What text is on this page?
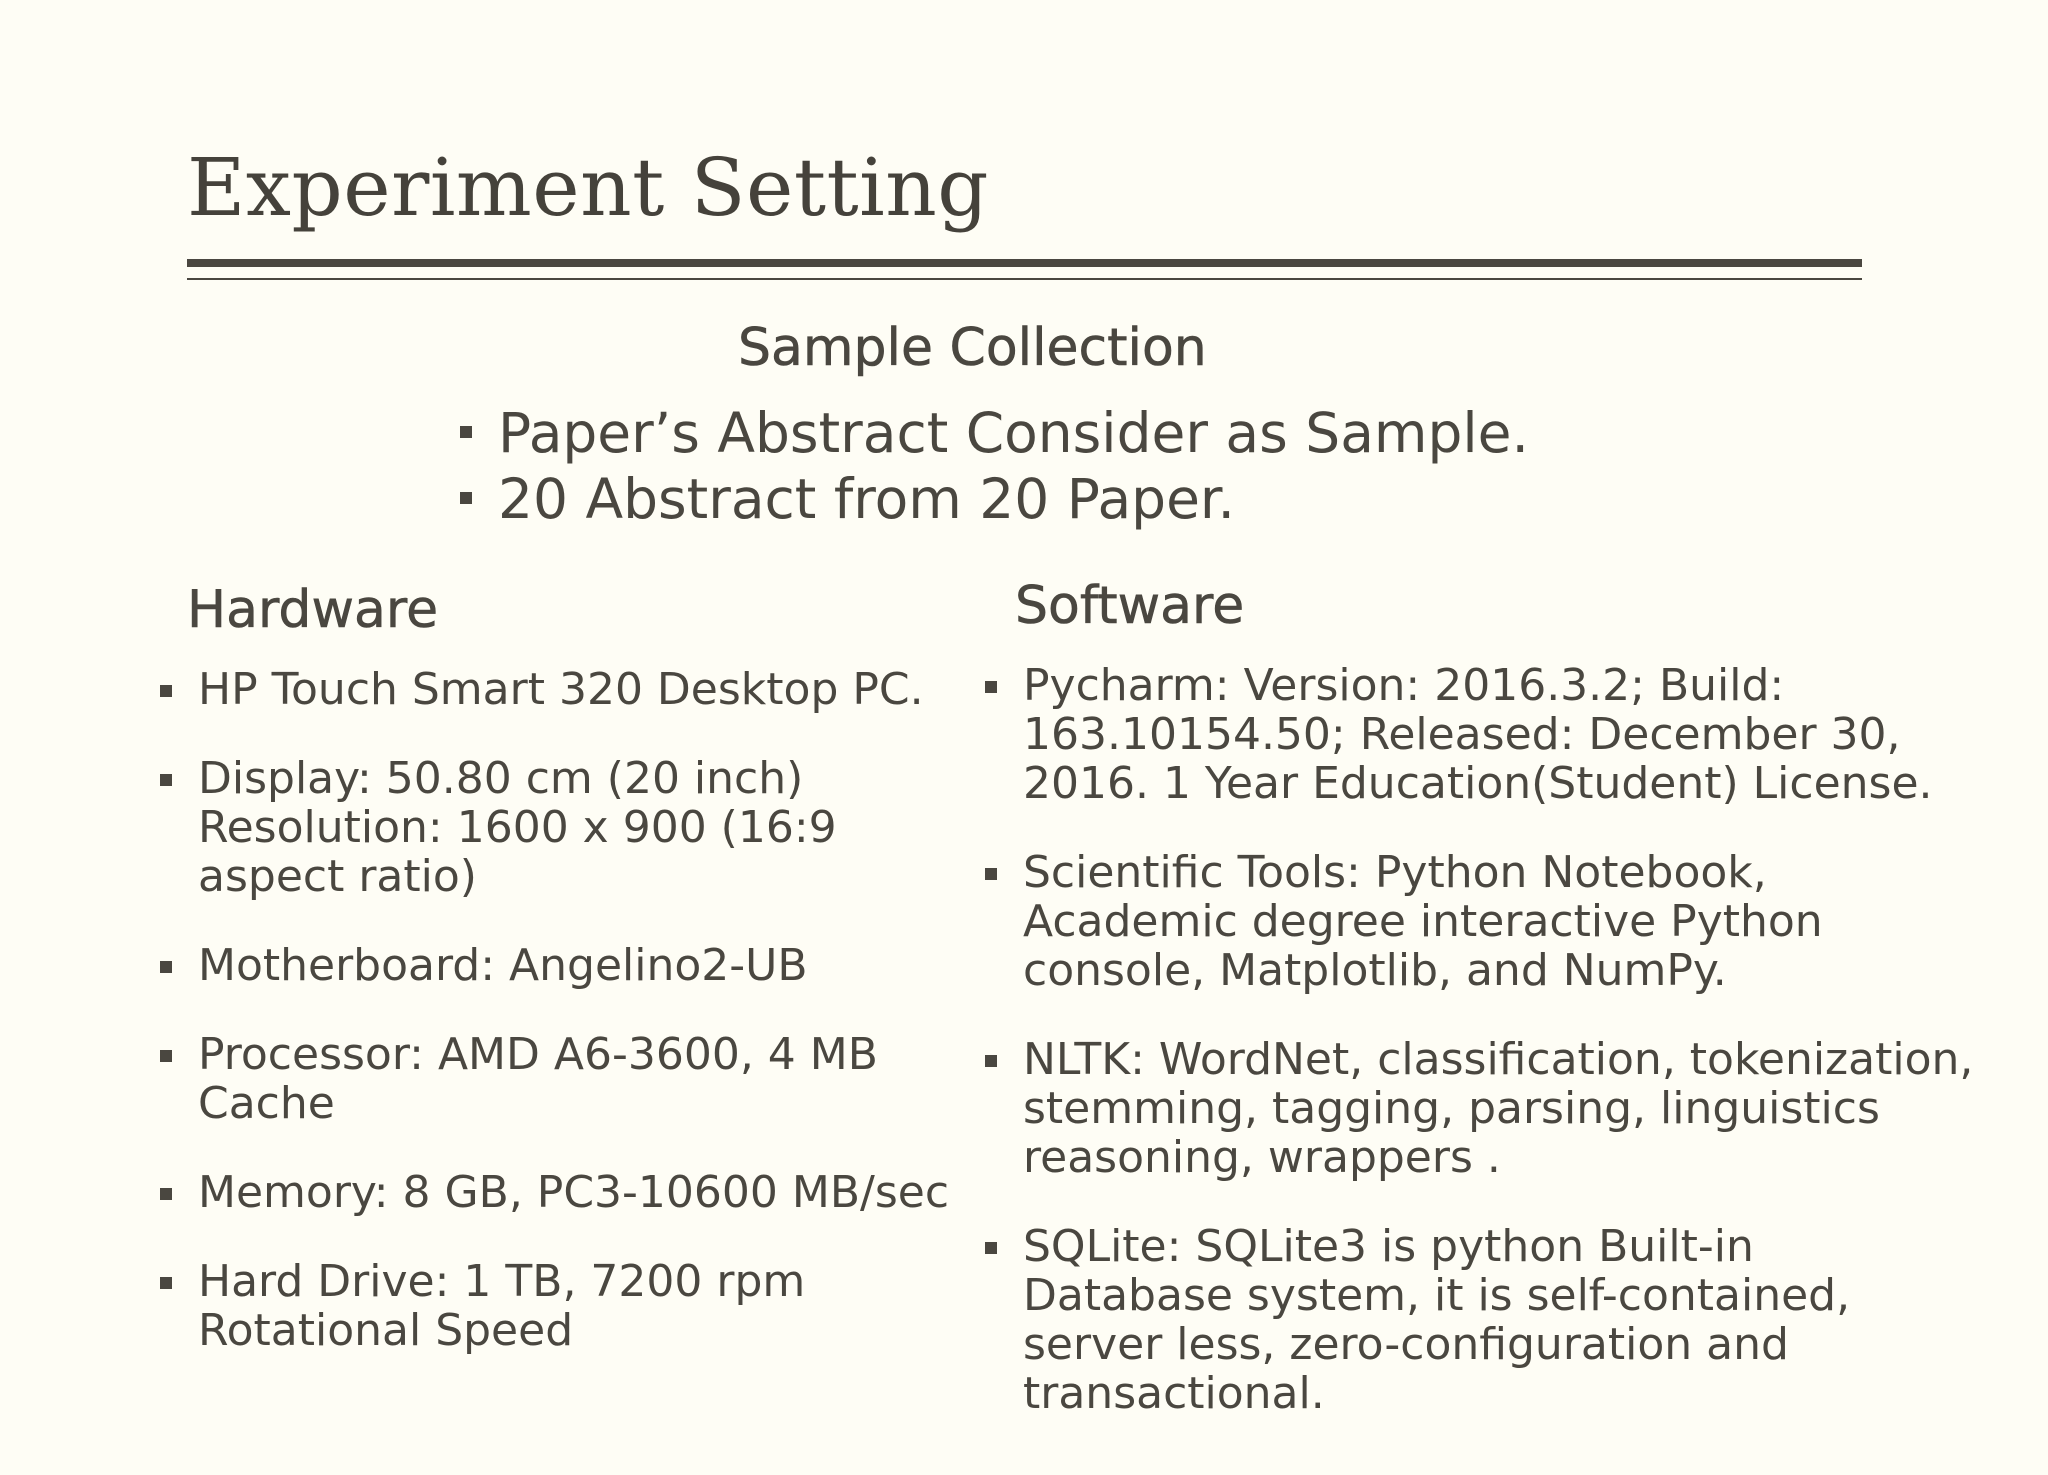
Experiment Setting
Sample Collection
Paper’s Abstract Consider as Sample.
20 Abstract from 20 Paper.
Hardware
HP Touch Smart 320 Desktop PC.
Display: 50.80 cm (20 inch)
Resolution: 1600 x 900 (16:9
aspect ratio)
Motherboard: Angelino2-UB
Processor: AMD A6-3600, 4 MB
Cache
Memory: 8 GB, PC3-10600 MB/sec
Hard Drive: 1 TB, 7200 rpm
Rotational Speed
Software
Pycharm: Version: 2016.3.2; Build:
163.10154.50; Released: December 30,
2016. 1 Year Education(Student) License.
Scientific Tools: Python Notebook,
Academic degree interactive Python
console, Matplotlib, and NumPy.
NLTK: WordNet, classification, tokenization,
stemming, tagging, parsing, linguistics
reasoning, wrappers .
SQLite: SQLite3 is python Built-in
Database system, it is self-contained,
server less, zero-configuration and
transactional.
